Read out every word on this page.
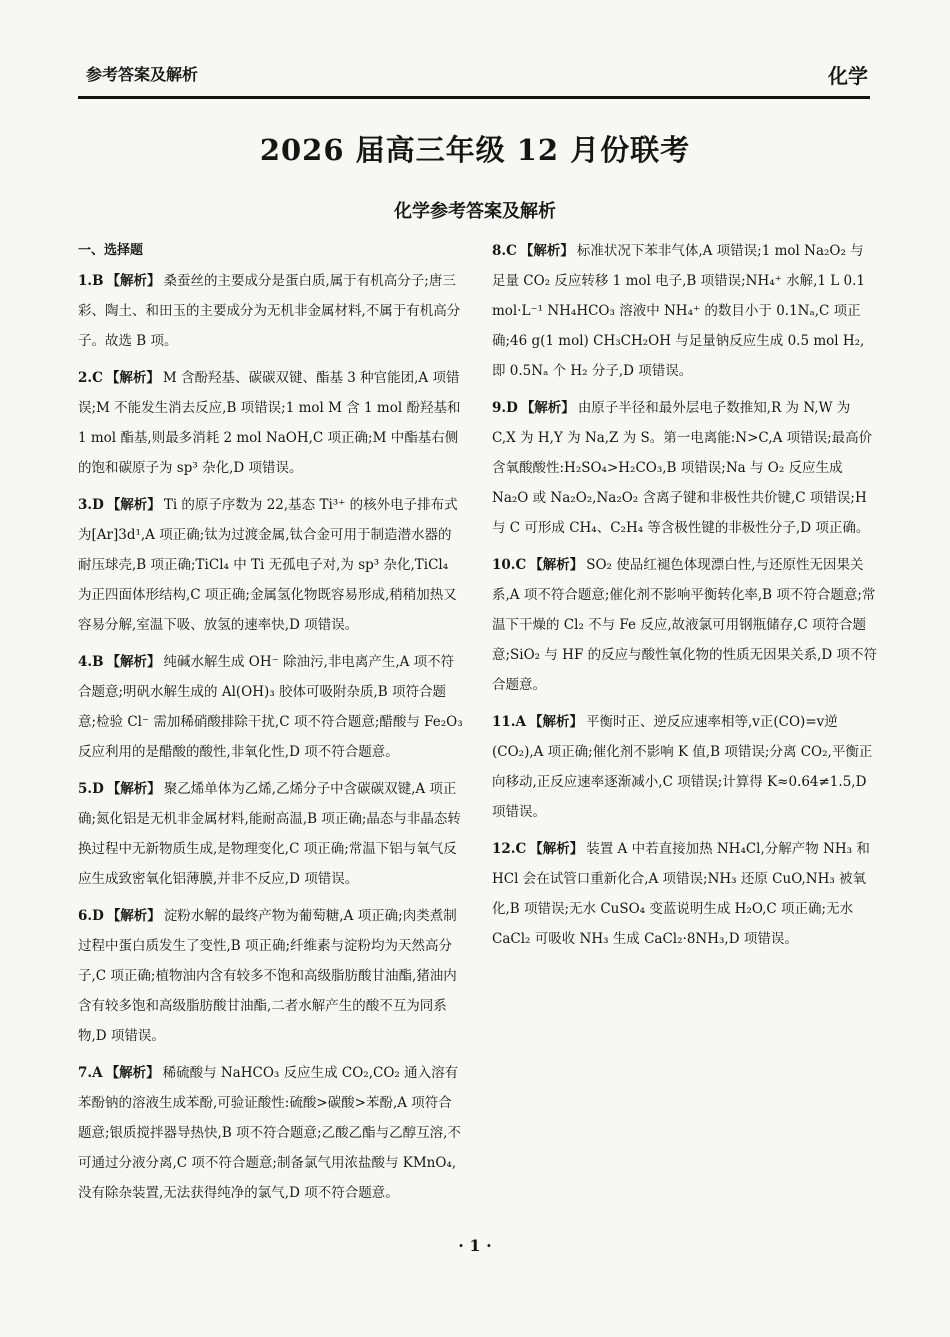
参考答案及解析	化学
2026 届高三年级 12 月份联考
化学参考答案及解析
一、选择题
1.B 【解析】 桑蚕丝的主要成分是蛋白质,属于有机高分子;唐三彩、陶土、和田玉的主要成分为无机非金属材料,不属于有机高分子。故选 B 项。
2.C 【解析】 M 含酚羟基、碳碳双键、酯基 3 种官能团,A 项错误;M 不能发生消去反应,B 项错误;1 mol M 含 1 mol 酚羟基和 1 mol 酯基,则最多消耗 2 mol NaOH,C 项正确;M 中酯基右侧的饱和碳原子为 sp³ 杂化,D 项错误。
3.D 【解析】 Ti 的原子序数为 22,基态 Ti³⁺ 的核外电子排布式为[Ar]3d¹,A 项正确;钛为过渡金属,钛合金可用于制造潜水器的耐压球壳,B 项正确;TiCl₄ 中 Ti 无孤电子对,为 sp³ 杂化,TiCl₄ 为正四面体形结构,C 项正确;金属氢化物既容易形成,稍稍加热又容易分解,室温下吸、放氢的速率快,D 项错误。
4.B 【解析】 纯碱水解生成 OH⁻ 除油污,非电离产生,A 项不符合题意;明矾水解生成的 Al(OH)₃ 胶体可吸附杂质,B 项符合题意;检验 Cl⁻ 需加稀硝酸排除干扰,C 项不符合题意;醋酸与 Fe₂O₃ 反应利用的是醋酸的酸性,非氧化性,D 项不符合题意。
5.D 【解析】 聚乙烯单体为乙烯,乙烯分子中含碳碳双键,A 项正确;氮化铝是无机非金属材料,能耐高温,B 项正确;晶态与非晶态转换过程中无新物质生成,是物理变化,C 项正确;常温下铝与氧气反应生成致密氧化铝薄膜,并非不反应,D 项错误。
6.D 【解析】 淀粉水解的最终产物为葡萄糖,A 项正确;肉类煮制过程中蛋白质发生了变性,B 项正确;纤维素与淀粉均为天然高分子,C 项正确;植物油内含有较多不饱和高级脂肪酸甘油酯,猪油内含有较多饱和高级脂肪酸甘油酯,二者水解产生的酸不互为同系物,D 项错误。
7.A 【解析】 稀硫酸与 NaHCO₃ 反应生成 CO₂,CO₂ 通入溶有苯酚钠的溶液生成苯酚,可验证酸性:硫酸>碳酸>苯酚,A 项符合题意;银质搅拌器导热快,B 项不符合题意;乙酸乙酯与乙醇互溶,不可通过分液分离,C 项不符合题意;制备氯气用浓盐酸与 KMnO₄,没有除杂装置,无法获得纯净的氯气,D 项不符合题意。
8.C 【解析】 标准状况下苯非气体,A 项错误;1 mol Na₂O₂ 与足量 CO₂ 反应转移 1 mol 电子,B 项错误;NH₄⁺ 水解,1 L 0.1 mol·L⁻¹ NH₄HCO₃ 溶液中 NH₄⁺ 的数目小于 0.1Nₐ,C 项正确;46 g(1 mol) CH₃CH₂OH 与足量钠反应生成 0.5 mol H₂,即 0.5Nₐ 个 H₂ 分子,D 项错误。
9.D 【解析】 由原子半径和最外层电子数推知,R 为 N,W 为 C,X 为 H,Y 为 Na,Z 为 S。第一电离能:N>C,A 项错误;最高价含氧酸酸性:H₂SO₄>H₂CO₃,B 项错误;Na 与 O₂ 反应生成 Na₂O 或 Na₂O₂,Na₂O₂ 含离子键和非极性共价键,C 项错误;H 与 C 可形成 CH₄、C₂H₄ 等含极性键的非极性分子,D 项正确。
10.C 【解析】 SO₂ 使品红褪色体现漂白性,与还原性无因果关系,A 项不符合题意;催化剂不影响平衡转化率,B 项不符合题意;常温下干燥的 Cl₂ 不与 Fe 反应,故液氯可用钢瓶储存,C 项符合题意;SiO₂ 与 HF 的反应与酸性氧化物的性质无因果关系,D 项不符合题意。
11.A 【解析】 平衡时正、逆反应速率相等,v正(CO)=v逆(CO₂),A 项正确;催化剂不影响 K 值,B 项错误;分离 CO₂,平衡正向移动,正反应速率逐渐减小,C 项错误;计算得 K≈0.64≠1.5,D 项错误。
12.C 【解析】 装置 A 中若直接加热 NH₄Cl,分解产物 NH₃ 和 HCl 会在试管口重新化合,A 项错误;NH₃ 还原 CuO,NH₃ 被氧化,B 项错误;无水 CuSO₄ 变蓝说明生成 H₂O,C 项正确;无水 CaCl₂ 可吸收 NH₃ 生成 CaCl₂·8NH₃,D 项错误。
· 1 ·
